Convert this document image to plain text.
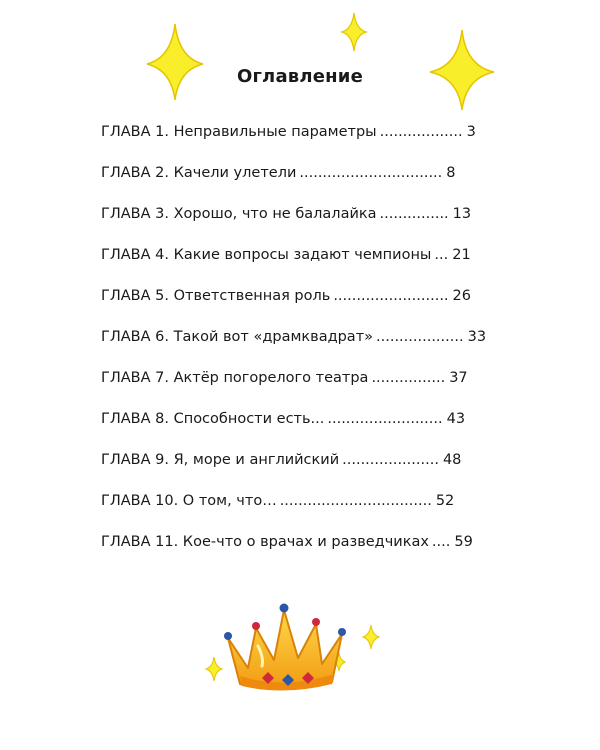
Оглавление
ГЛАВА 1. Неправильные параметры .................. 3
ГЛАВА 2. Качели улетели ............................... 8
ГЛАВА 3. Хорошо, что не балалайка ............... 13
ГЛАВА 4. Какие вопросы задают чемпионы ... 21
ГЛАВА 5. Ответственная роль ......................... 26
ГЛАВА 6. Такой вот «драмквадрат» ................... 33
ГЛАВА 7. Актёр погорелого театра ................ 37
ГЛАВА 8. Способности есть... ......................... 43
ГЛАВА 9. Я, море и английский ..................... 48
ГЛАВА 10. О том, что… ................................. 52
ГЛАВА 11. Кое-что о врачах и разведчиках .... 59
